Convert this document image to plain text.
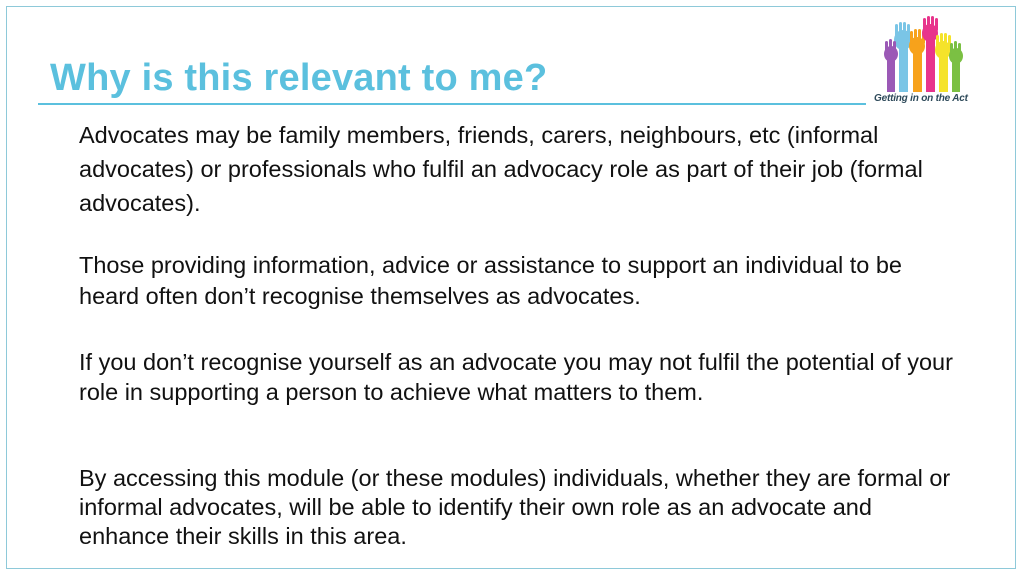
Why is this relevant to me?	Getting in on the Act

Advocates may be family members, friends, carers, neighbours, etc (informal advocates) or professionals who fulfil an advocacy role as part of their job (formal advocates).

Those providing information, advice or assistance to support an individual to be heard often don’t recognise themselves as advocates.

If you don’t recognise yourself as an advocate you may not fulfil the potential of your role in supporting a person to achieve what matters to them.

By accessing this module (or these modules) individuals, whether they are formal or informal advocates, will be able to identify their own role as an advocate and enhance their skills in this area.
